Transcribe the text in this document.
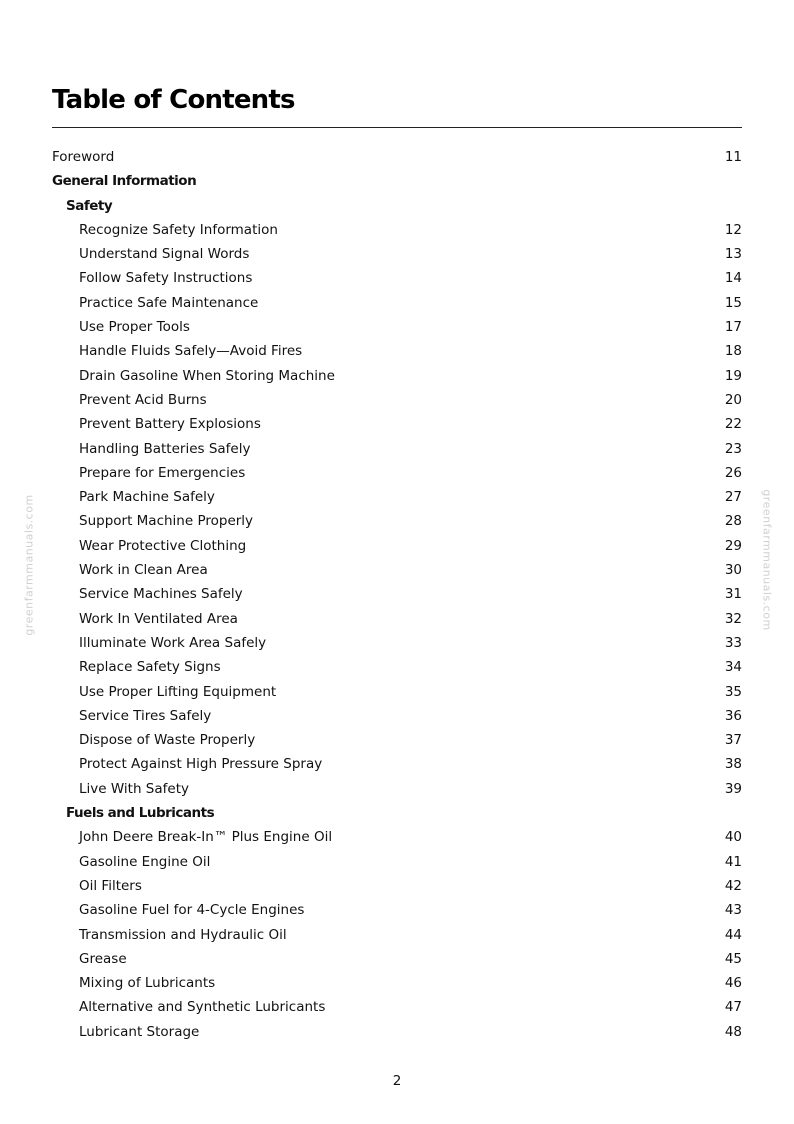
Table of Contents
Foreword	11
General Information
Safety
Recognize Safety Information	12
Understand Signal Words	13
Follow Safety Instructions	14
Practice Safe Maintenance	15
Use Proper Tools	17
Handle Fluids Safely—Avoid Fires	18
Drain Gasoline When Storing Machine	19
Prevent Acid Burns	20
Prevent Battery Explosions	22
Handling Batteries Safely	23
Prepare for Emergencies	26
Park Machine Safely	27
Support Machine Properly	28
Wear Protective Clothing	29
Work in Clean Area	30
Service Machines Safely	31
Work In Ventilated Area	32
Illuminate Work Area Safely	33
Replace Safety Signs	34
Use Proper Lifting Equipment	35
Service Tires Safely	36
Dispose of Waste Properly	37
Protect Against High Pressure Spray	38
Live With Safety	39
Fuels and Lubricants
John Deere Break-In™ Plus Engine Oil	40
Gasoline Engine Oil	41
Oil Filters	42
Gasoline Fuel for 4-Cycle Engines	43
Transmission and Hydraulic Oil	44
Grease	45
Mixing of Lubricants	46
Alternative and Synthetic Lubricants	47
Lubricant Storage	48
2
greenfarmmanuals.com	greenfarmmanuals.com
